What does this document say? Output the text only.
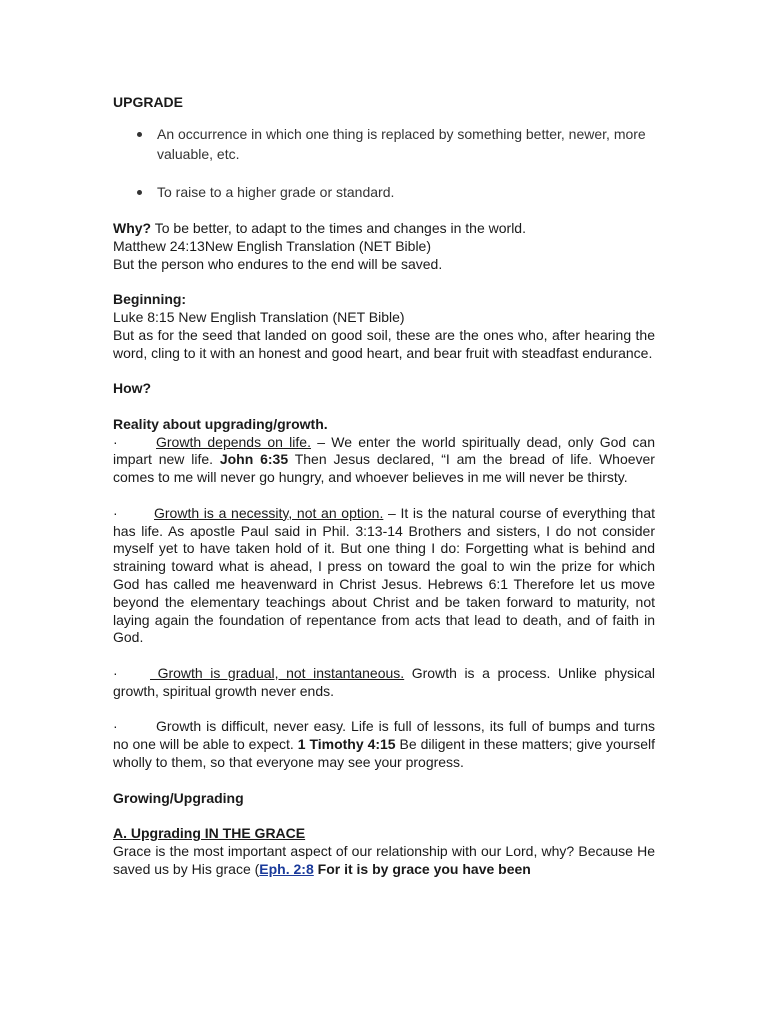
UPGRADE
An occurrence in which one thing is replaced by something better, newer, more valuable, etc.
To raise to a higher grade or standard.

Why? To be better, to adapt to the times and changes in the world.

Matthew 24:13New English Translation (NET Bible)

But the person who endures to the end will be saved.

Beginning:

Luke 8:15 New English Translation (NET Bible)

But as for the seed that landed on good soil, these are the ones who, after hearing the word, cling to it with an honest and good heart, and bear fruit with steadfast endurance.

How?

Reality about upgrading/growth.

·	Growth depends on life. – We enter the world spiritually dead, only God can impart new life. John 6:35 Then Jesus declared, “I am the bread of life. Whoever comes to me will never go hungry, and whoever believes in me will never be thirsty.

·	Growth is a necessity, not an option. – It is the natural course of everything that has life. As apostle Paul said in Phil. 3:13-14 Brothers and sisters, I do not consider myself yet to have taken hold of it. But one thing I do: Forgetting what is behind and straining toward what is ahead, I press on toward the goal to win the prize for which God has called me heavenward in Christ Jesus. Hebrews 6:1 Therefore let us move beyond the elementary teachings about Christ and be taken forward to maturity, not laying again the foundation of repentance from acts that lead to death, and of faith in God.

· Growth is gradual, not instantaneous. Growth is a process. Unlike physical growth, spiritual growth never ends.

·	Growth is difficult, never easy. Life is full of lessons, its full of bumps and turns no one will be able to expect. 1 Timothy 4:15 Be diligent in these matters; give yourself wholly to them, so that everyone may see your progress.

Growing/Upgrading

A. Upgrading IN THE GRACE

Grace is the most important aspect of our relationship with our Lord, why? Because He saved us by His grace (Eph. 2:8 For it is by grace you have been
